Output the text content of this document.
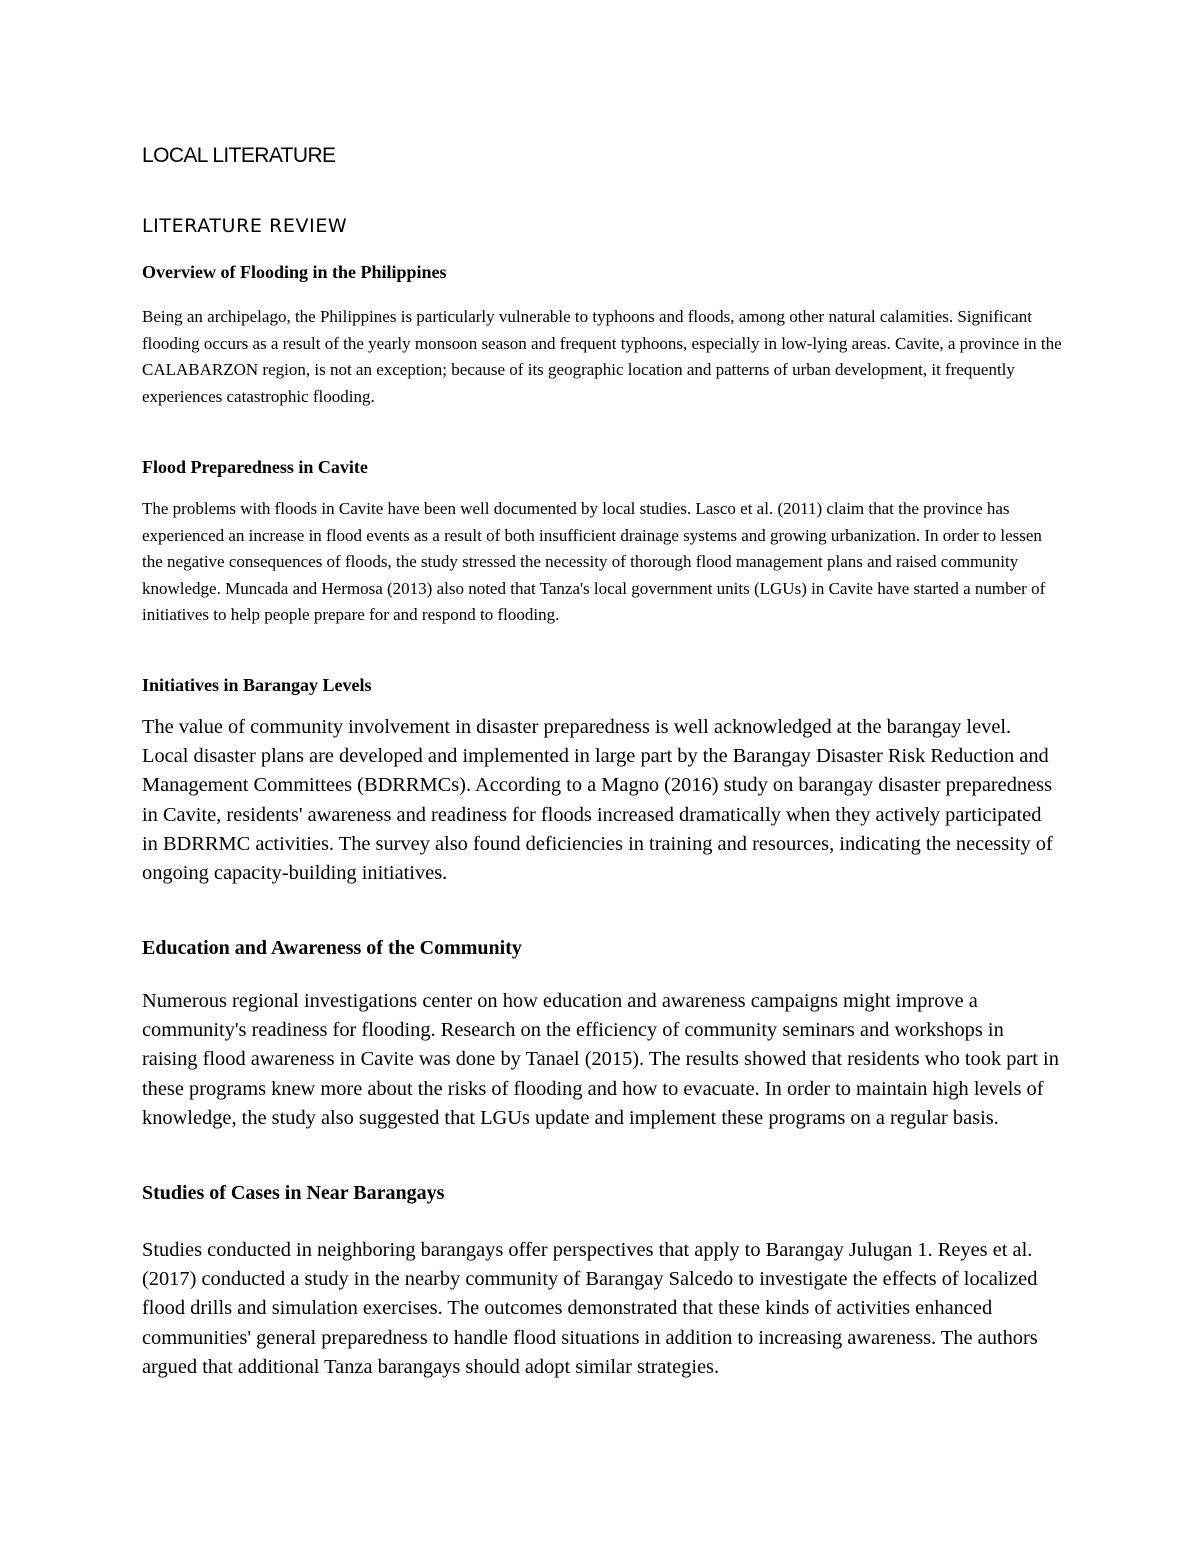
LOCAL LITERATURE
LITERATURE REVIEW
Overview of Flooding in the Philippines

Being an archipelago, the Philippines is particularly vulnerable to typhoons and floods, among other natural calamities. Significant flooding occurs as a result of the yearly monsoon season and frequent typhoons, especially in low-lying areas. Cavite, a province in the CALABARZON region, is not an exception; because of its geographic location and patterns of urban development, it frequently experiences catastrophic flooding.

Flood Preparedness in Cavite

The problems with floods in Cavite have been well documented by local studies. Lasco et al. (2011) claim that the province has experienced an increase in flood events as a result of both insufficient drainage systems and growing urbanization. In order to lessen the negative consequences of floods, the study stressed the necessity of thorough flood management plans and raised community knowledge. Muncada and Hermosa (2013) also noted that Tanza's local government units (LGUs) in Cavite have started a number of initiatives to help people prepare for and respond to flooding.

Initiatives in Barangay Levels

The value of community involvement in disaster preparedness is well acknowledged at the barangay level. Local disaster plans are developed and implemented in large part by the Barangay Disaster Risk Reduction and Management Committees (BDRRMCs). According to a Magno (2016) study on barangay disaster preparedness in Cavite, residents' awareness and readiness for floods increased dramatically when they actively participated in BDRRMC activities. The survey also found deficiencies in training and resources, indicating the necessity of ongoing capacity-building initiatives.

Education and Awareness of the Community

Numerous regional investigations center on how education and awareness campaigns might improve a community's readiness for flooding. Research on the efficiency of community seminars and workshops in raising flood awareness in Cavite was done by Tanael (2015). The results showed that residents who took part in these programs knew more about the risks of flooding and how to evacuate. In order to maintain high levels of knowledge, the study also suggested that LGUs update and implement these programs on a regular basis.

Studies of Cases in Near Barangays

Studies conducted in neighboring barangays offer perspectives that apply to Barangay Julugan 1. Reyes et al. (2017) conducted a study in the nearby community of Barangay Salcedo to investigate the effects of localized flood drills and simulation exercises. The outcomes demonstrated that these kinds of activities enhanced communities' general preparedness to handle flood situations in addition to increasing awareness. The authors argued that additional Tanza barangays should adopt similar strategies.
